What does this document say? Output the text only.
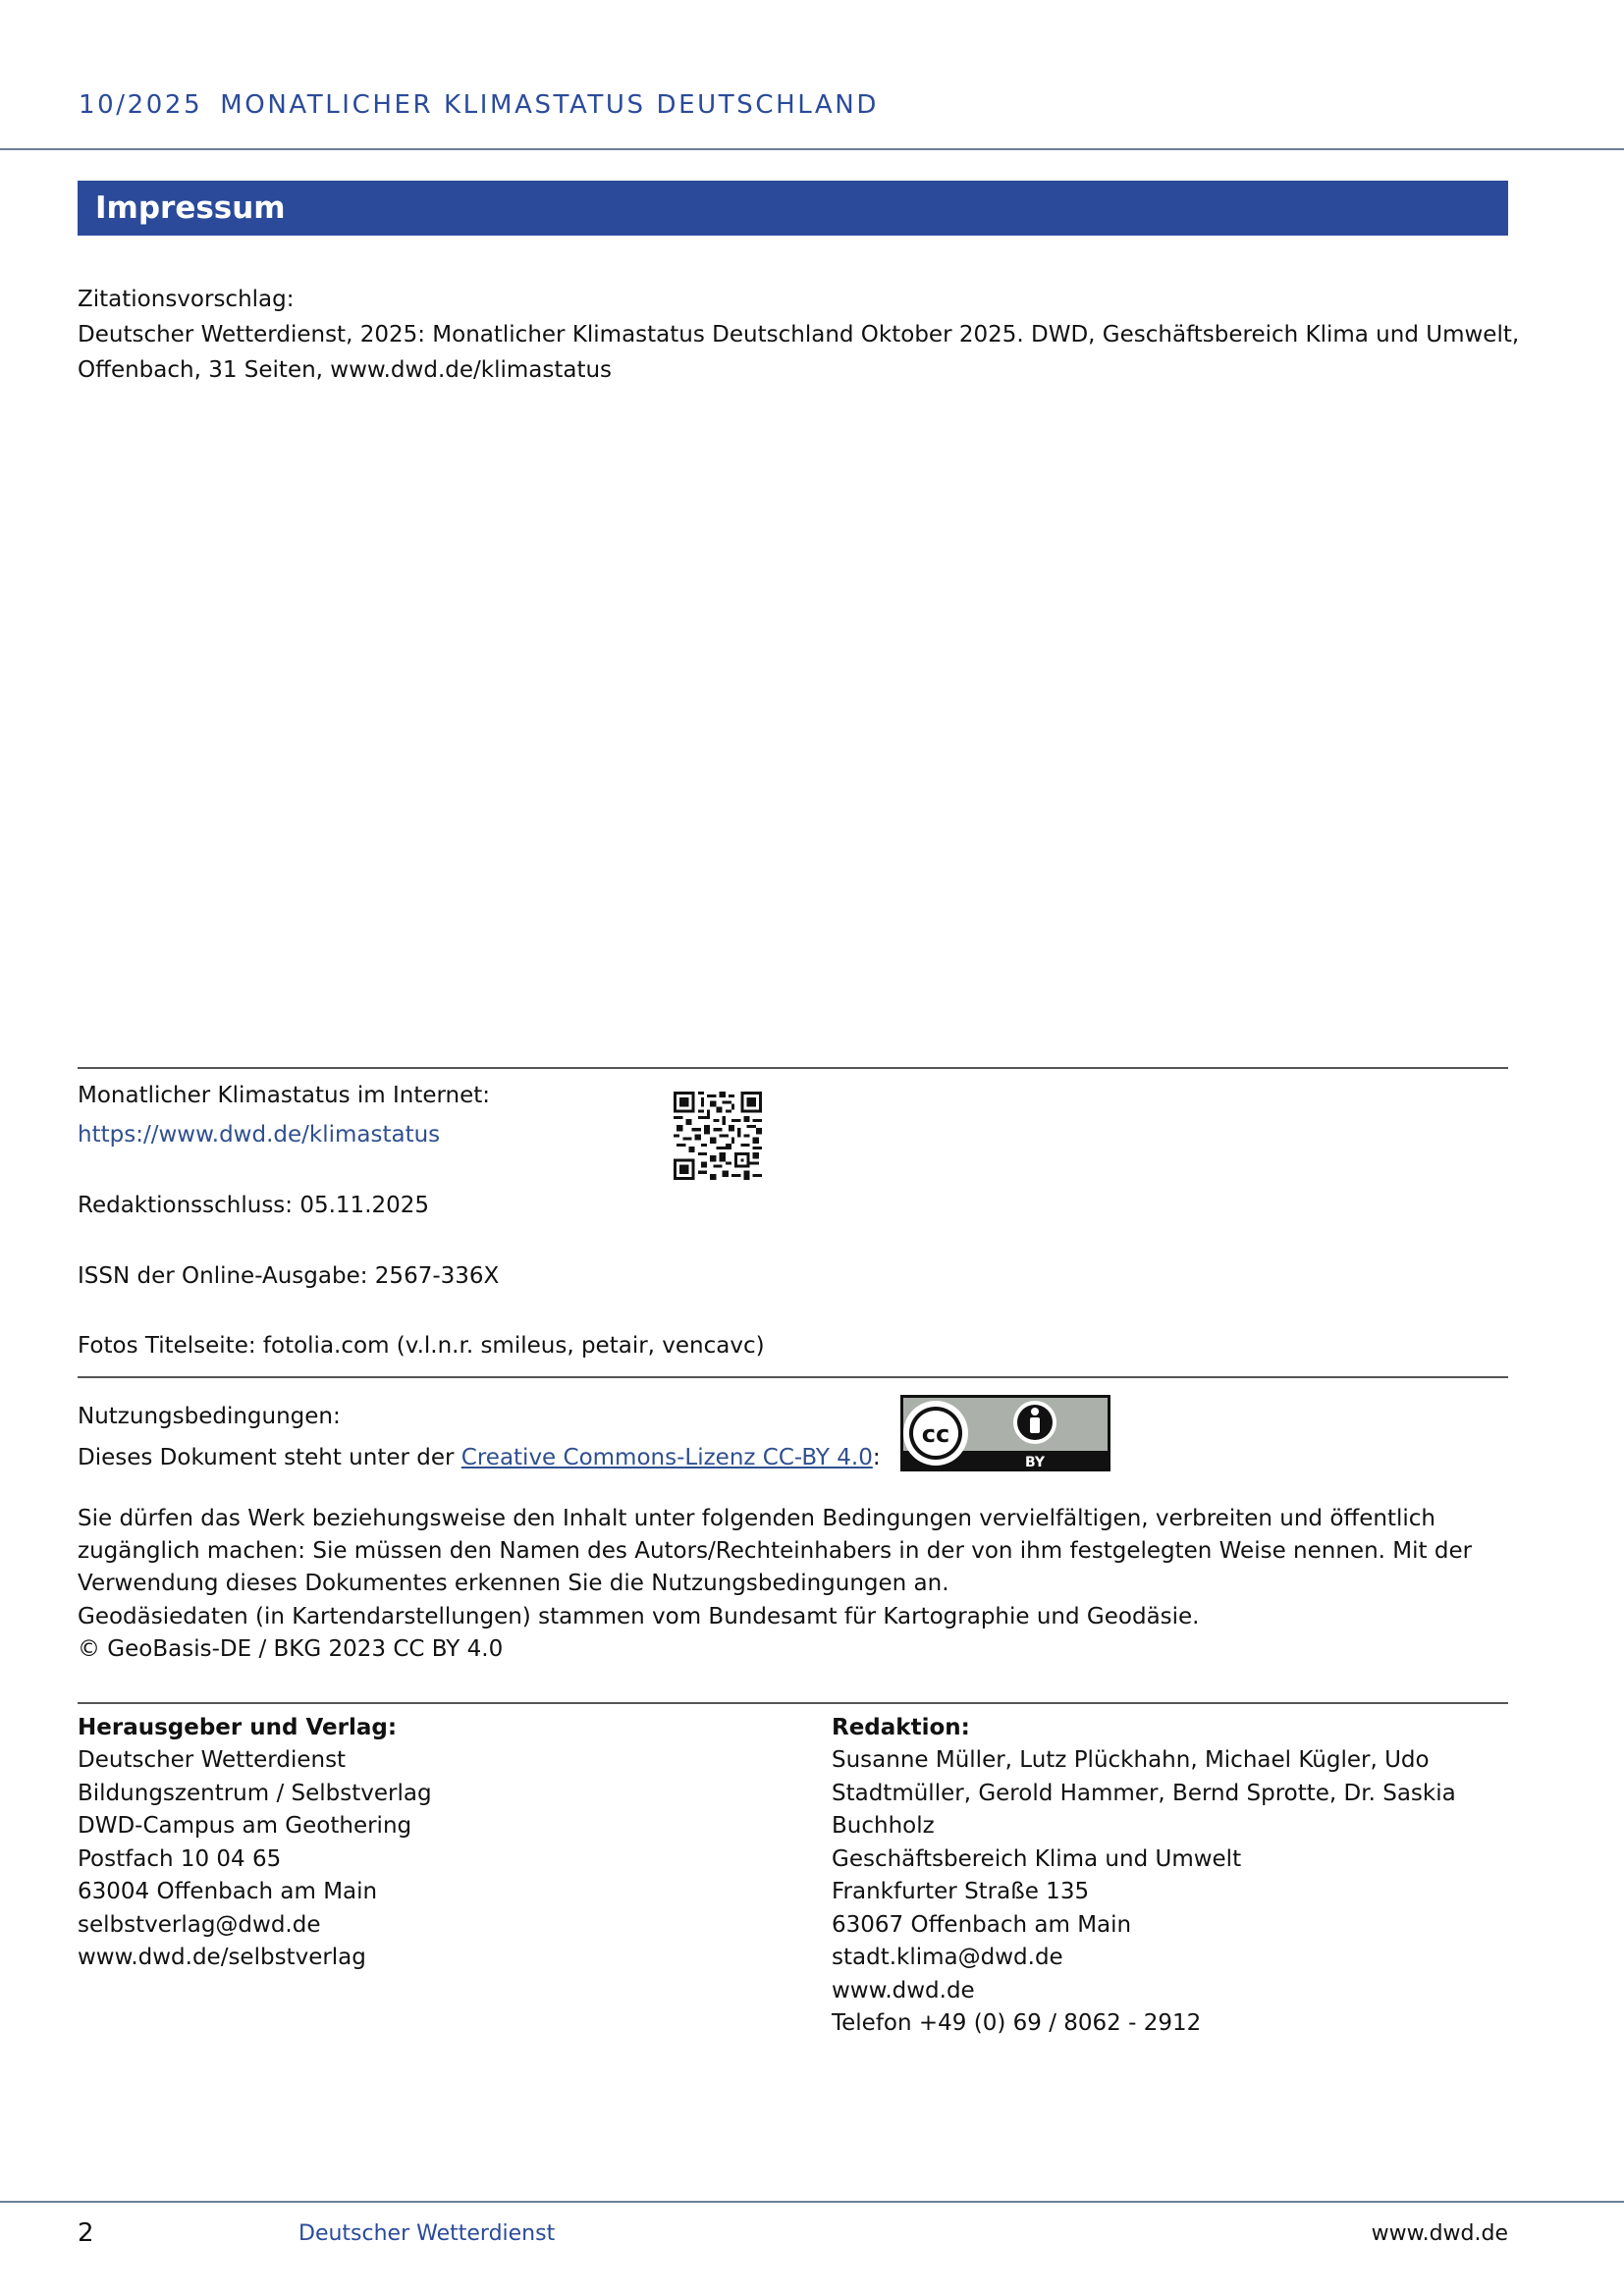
10/2025 MONATLICHER KLIMASTATUS DEUTSCHLAND
Impressum
Zitationsvorschlag:
Deutscher Wetterdienst, 2025: Monatlicher Klimastatus Deutschland Oktober 2025. DWD, Geschäftsbereich Klima und Umwelt,
Offenbach, 31 Seiten, www.dwd.de/klimastatus
Monatlicher Klimastatus im Internet:
https://www.dwd.de/klimastatus
Redaktionsschluss: 05.11.2025
ISSN der Online-Ausgabe: 2567-336X
Fotos Titelseite: fotolia.com (v.l.n.r. smileus, petair, vencavc)
Nutzungsbedingungen:
Dieses Dokument steht unter der Creative Commons-Lizenz CC-BY 4.0:
cc
BY
Sie dürfen das Werk beziehungsweise den Inhalt unter folgenden Bedingungen vervielfältigen, verbreiten und öffentlich
zugänglich machen: Sie müssen den Namen des Autors/Rechteinhabers in der von ihm festgelegten Weise nennen. Mit der
Verwendung dieses Dokumentes erkennen Sie die Nutzungsbedingungen an.
Geodäsiedaten (in Kartendarstellungen) stammen vom Bundesamt für Kartographie und Geodäsie.
© GeoBasis-DE / BKG 2023 CC BY 4.0
Herausgeber und Verlag:
Deutscher Wetterdienst
Bildungszentrum / Selbstverlag
DWD-Campus am Geothering
Postfach 10 04 65
63004 Offenbach am Main
selbstverlag@dwd.de
www.dwd.de/selbstverlag
Redaktion:
Susanne Müller, Lutz Plückhahn, Michael Kügler, Udo
Stadtmüller, Gerold Hammer, Bernd Sprotte, Dr. Saskia
Buchholz
Geschäftsbereich Klima und Umwelt
Frankfurter Straße 135
63067 Offenbach am Main
stadt.klima@dwd.de
www.dwd.de
Telefon +49 (0) 69 / 8062 - 2912
2	Deutscher Wetterdienst	www.dwd.de
